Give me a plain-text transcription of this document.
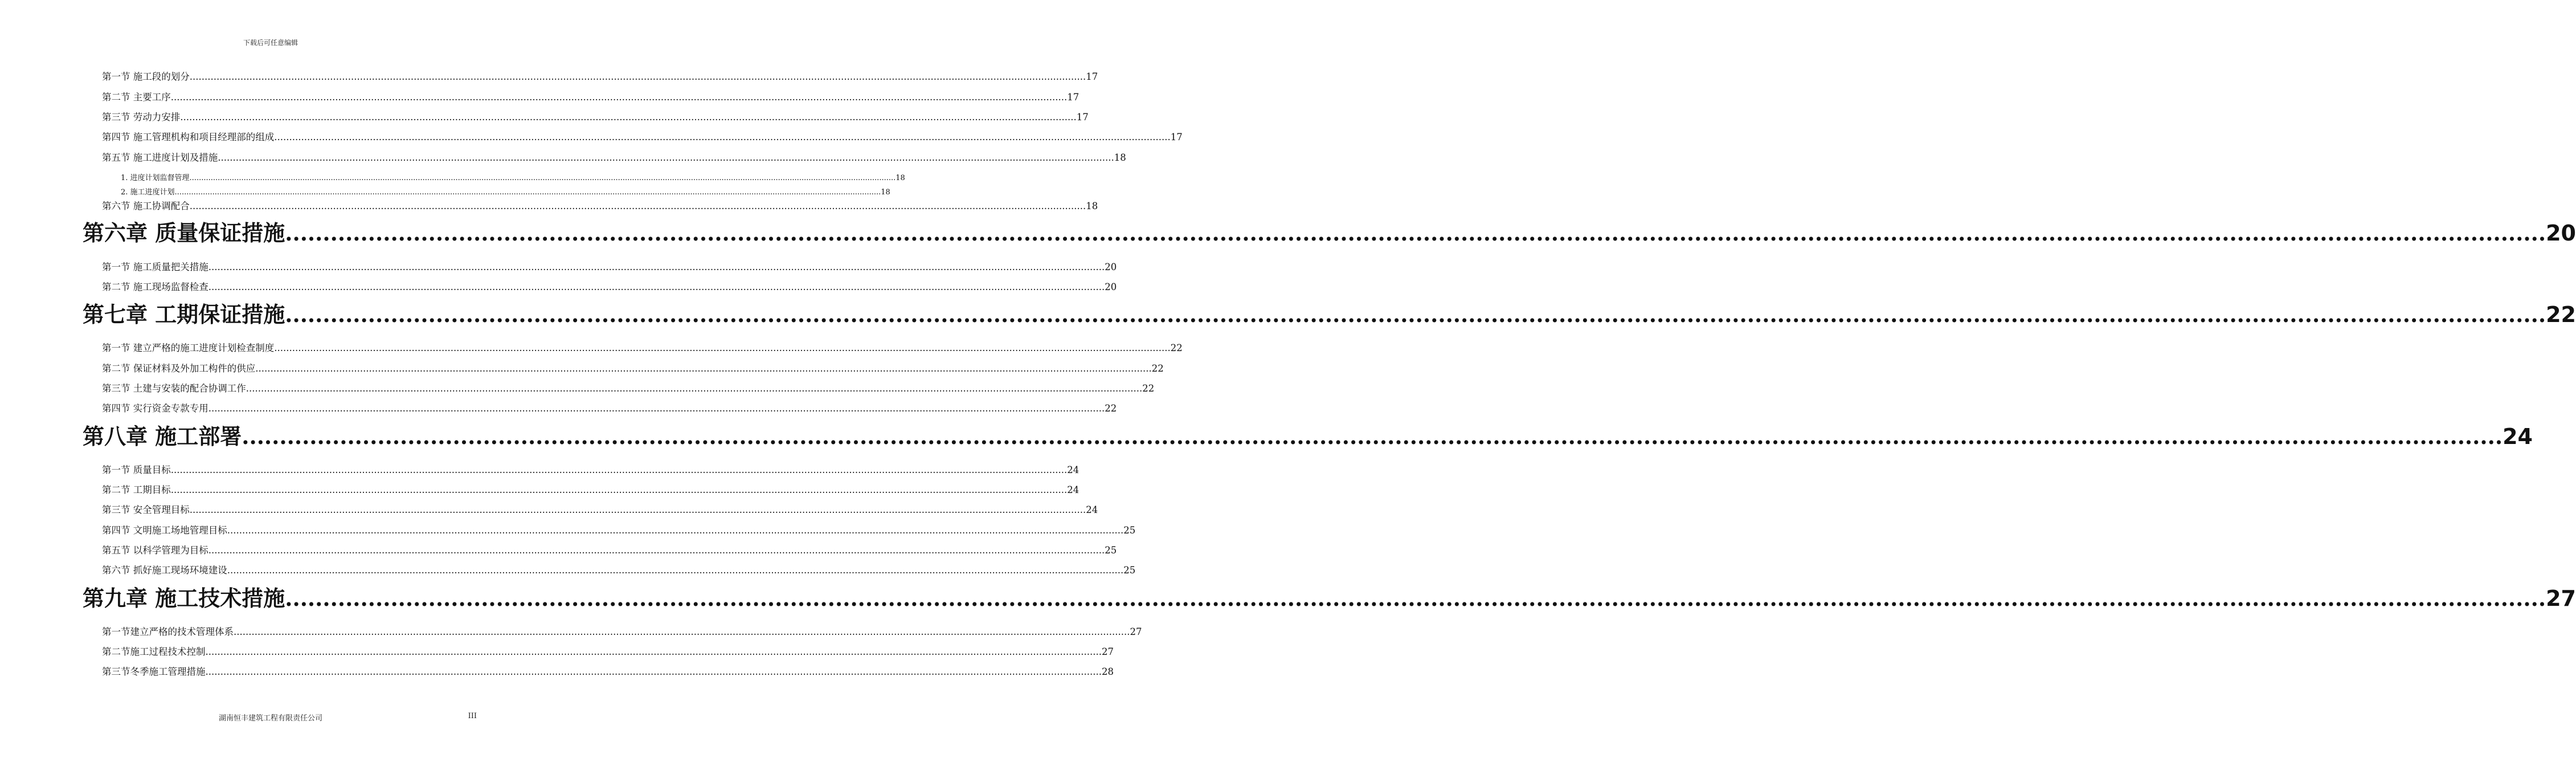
下载后可任意编辑
第一节 施工段的划分 ............................................................................................................................................................................................................................................................................................................ 17
第二节 主要工序 ............................................................................................................................................................................................................................................................................................................ 17
第三节 劳动力安排 ............................................................................................................................................................................................................................................................................................................ 17
第四节 施工管理机构和项目经理部的组成 ............................................................................................................................................................................................................................................................................................................ 17
第五节 施工进度计划及措施 ............................................................................................................................................................................................................................................................................................................ 18
1. 进度计划监督管理 ............................................................................................................................................................................................................................................................................................................ 18
2. 施工进度计划 ............................................................................................................................................................................................................................................................................................................ 18
第六节 施工协调配合 ............................................................................................................................................................................................................................................................................................................ 18
第六章 质量保证措施 ............................................................................................................................................................................................................................................................................................................ 20
第一节 施工质量把关措施 ............................................................................................................................................................................................................................................................................................................ 20
第二节 施工现场监督检查 ............................................................................................................................................................................................................................................................................................................ 20
第七章 工期保证措施 ............................................................................................................................................................................................................................................................................................................ 22
第一节 建立严格的施工进度计划检查制度 ............................................................................................................................................................................................................................................................................................................ 22
第二节 保证材料及外加工构件的供应 ............................................................................................................................................................................................................................................................................................................ 22
第三节 土建与安装的配合协调工作 ............................................................................................................................................................................................................................................................................................................ 22
第四节 实行资金专款专用 ............................................................................................................................................................................................................................................................................................................ 22
第八章 施工部署 ............................................................................................................................................................................................................................................................................................................ 24
第一节 质量目标 ............................................................................................................................................................................................................................................................................................................ 24
第二节 工期目标 ............................................................................................................................................................................................................................................................................................................ 24
第三节 安全管理目标 ............................................................................................................................................................................................................................................................................................................ 24
第四节 文明施工场地管理目标 ............................................................................................................................................................................................................................................................................................................ 25
第五节 以科学管理为目标 ............................................................................................................................................................................................................................................................................................................ 25
第六节 抓好施工现场环境建设 ............................................................................................................................................................................................................................................................................................................ 25
第九章 施工技术措施 ............................................................................................................................................................................................................................................................................................................ 27
第一节建立严格的技术管理体系 ............................................................................................................................................................................................................................................................................................................ 27
第二节施工过程技术控制 ............................................................................................................................................................................................................................................................................................................ 27
第三节冬季施工管理措施 ............................................................................................................................................................................................................................................................................................................ 28
湖南恒丰建筑工程有限责任公司	III
